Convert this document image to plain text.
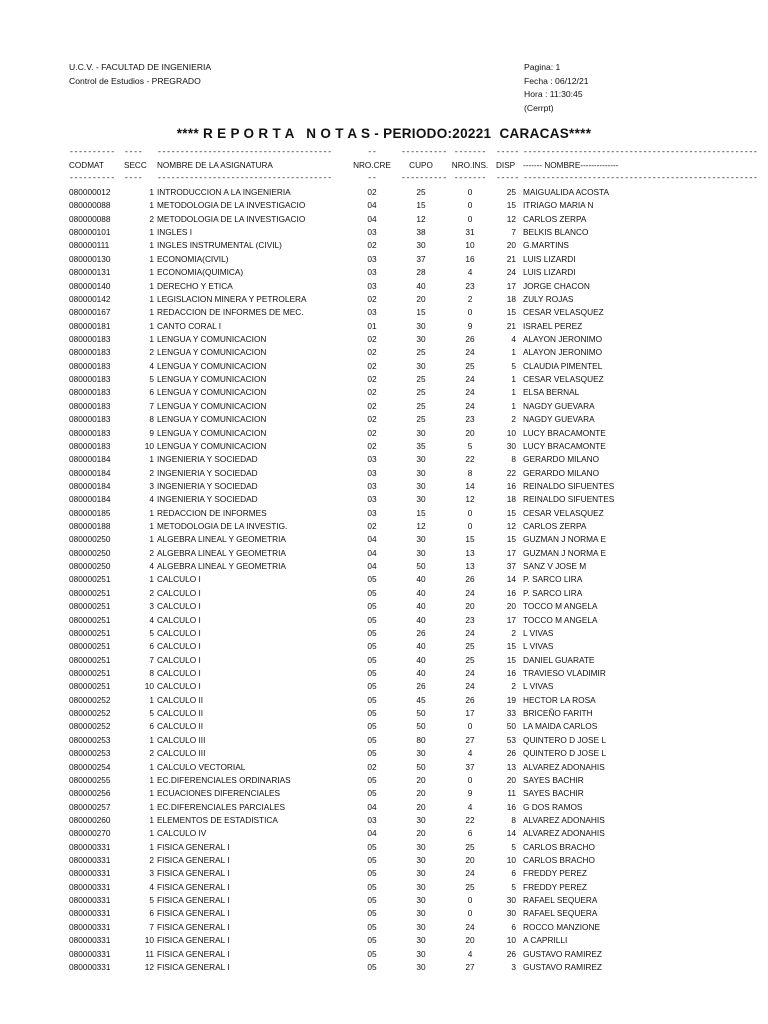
U.C.V. - FACULTAD DE INGENIERIA
Control de Estudios - PREGRADO
Pagina: 1
Fecha : 06/12/21
Hora : 11:30:45
(Cerrpt)
**** R E P O R T A   N O T A S - PERIODO:20221  CARACAS****
----------	----	--------------------------------------	--	---------- -------	----- ---------------------------------------------------
CODMAT	SECC	NOMBRE DE LA ASIGNATURA	NRO.CRE	CUPO	NRO.INS. DISP ------- NOMBRE--------------
----------	----	--------------------------------------	--	---------- -------	----- ---------------------------------------------------
080000012	1 INTRODUCCION A LA INGENIERIA	02	25	0	25 MAIGUALIDA ACOSTA
080000088	1 METODOLOGIA DE LA INVESTIGACIO	04	15	0	15 ITRIAGO MARIA N
080000088	2 METODOLOGIA DE LA INVESTIGACIO	04	12	0	12 CARLOS ZERPA
080000101	1 INGLES I	03	38	31	7 BELKIS BLANCO
080000111	1 INGLES INSTRUMENTAL (CIVIL)	02	30	10	20 G.MARTINS
080000130	1 ECONOMIA(CIVIL)	03	37	16	21 LUIS LIZARDI
080000131	1 ECONOMIA(QUIMICA)	03	28	4	24 LUIS LIZARDI
080000140	1 DERECHO Y ETICA	03	40	23	17 JORGE CHACON
080000142	1 LEGISLACION MINERA Y PETROLERA	02	20	2	18 ZULY ROJAS
080000167	1 REDACCION DE INFORMES DE MEC.	03	15	0	15 CESAR VELASQUEZ
080000181	1 CANTO CORAL I	01	30	9	21 ISRAEL PEREZ
080000183	1 LENGUA Y COMUNICACION	02	30	26	4 ALAYON JERONIMO
080000183	2 LENGUA Y COMUNICACION	02	25	24	1 ALAYON JERONIMO
080000183	4 LENGUA Y COMUNICACION	02	30	25	5 CLAUDIA PIMENTEL
080000183	5 LENGUA Y COMUNICACION	02	25	24	1 CESAR VELASQUEZ
080000183	6 LENGUA Y COMUNICACION	02	25	24	1 ELSA BERNAL
080000183	7 LENGUA Y COMUNICACION	02	25	24	1 NAGDY GUEVARA
080000183	8 LENGUA Y COMUNICACION	02	25	23	2 NAGDY GUEVARA
080000183	9 LENGUA Y COMUNICACION	02	30	20	10 LUCY BRACAMONTE
080000183	10 LENGUA Y COMUNICACION	02	35	5	30 LUCY BRACAMONTE
080000184	1 INGENIERIA Y SOCIEDAD	03	30	22	8 GERARDO MILANO
080000184	2 INGENIERIA Y SOCIEDAD	03	30	8	22 GERARDO MILANO
080000184	3 INGENIERIA Y SOCIEDAD	03	30	14	16 REINALDO SIFUENTES
080000184	4 INGENIERIA Y SOCIEDAD	03	30	12	18 REINALDO SIFUENTES
080000185	1 REDACCION DE INFORMES	03	15	0	15 CESAR VELASQUEZ
080000188	1 METODOLOGIA DE LA INVESTIG.	02	12	0	12 CARLOS ZERPA
080000250	1 ALGEBRA LINEAL Y GEOMETRIA	04	30	15	15 GUZMAN J NORMA E
080000250	2 ALGEBRA LINEAL Y GEOMETRIA	04	30	13	17 GUZMAN J NORMA E
080000250	4 ALGEBRA LINEAL Y GEOMETRIA	04	50	13	37 SANZ V JOSE M
080000251	1 CALCULO I	05	40	26	14 P. SARCO LIRA
080000251	2 CALCULO I	05	40	24	16 P. SARCO LIRA
080000251	3 CALCULO I	05	40	20	20 TOCCO M ANGELA
080000251	4 CALCULO I	05	40	23	17 TOCCO M ANGELA
080000251	5 CALCULO I	05	26	24	2 L VIVAS
080000251	6 CALCULO I	05	40	25	15 L VIVAS
080000251	7 CALCULO I	05	40	25	15 DANIEL GUARATE
080000251	8 CALCULO I	05	40	24	16 TRAVIESO VLADIMIR
080000251	10 CALCULO I	05	26	24	2 L VIVAS
080000252	1 CALCULO II	05	45	26	19 HECTOR LA ROSA
080000252	5 CALCULO II	05	50	17	33 BRICEÑO FARITH
080000252	6 CALCULO II	05	50	0	50 LA MAIDA CARLOS
080000253	1 CALCULO III	05	80	27	53 QUINTERO D JOSE L
080000253	2 CALCULO III	05	30	4	26 QUINTERO D JOSE L
080000254	1 CALCULO VECTORIAL	02	50	37	13 ALVAREZ ADONAHIS
080000255	1 EC.DIFERENCIALES ORDINARIAS	05	20	0	20 SAYES BACHIR
080000256	1 ECUACIONES DIFERENCIALES	05	20	9	11 SAYES BACHIR
080000257	1 EC.DIFERENCIALES PARCIALES	04	20	4	16 G DOS RAMOS
080000260	1 ELEMENTOS DE ESTADISTICA	03	30	22	8 ALVAREZ ADONAHIS
080000270	1 CALCULO IV	04	20	6	14 ALVAREZ ADONAHIS
080000331	1 FISICA GENERAL I	05	30	25	5 CARLOS BRACHO
080000331	2 FISICA GENERAL I	05	30	20	10 CARLOS BRACHO
080000331	3 FISICA GENERAL I	05	30	24	6 FREDDY PEREZ
080000331	4 FISICA GENERAL I	05	30	25	5 FREDDY PEREZ
080000331	5 FISICA GENERAL I	05	30	0	30 RAFAEL SEQUERA
080000331	6 FISICA GENERAL I	05	30	0	30 RAFAEL SEQUERA
080000331	7 FISICA GENERAL I	05	30	24	6 ROCCO MANZIONE
080000331	10 FISICA GENERAL I	05	30	20	10 A CAPRILLI
080000331	11 FISICA GENERAL I	05	30	4	26 GUSTAVO RAMIREZ
080000331	12 FISICA GENERAL I	05	30	27	3 GUSTAVO RAMIREZ
